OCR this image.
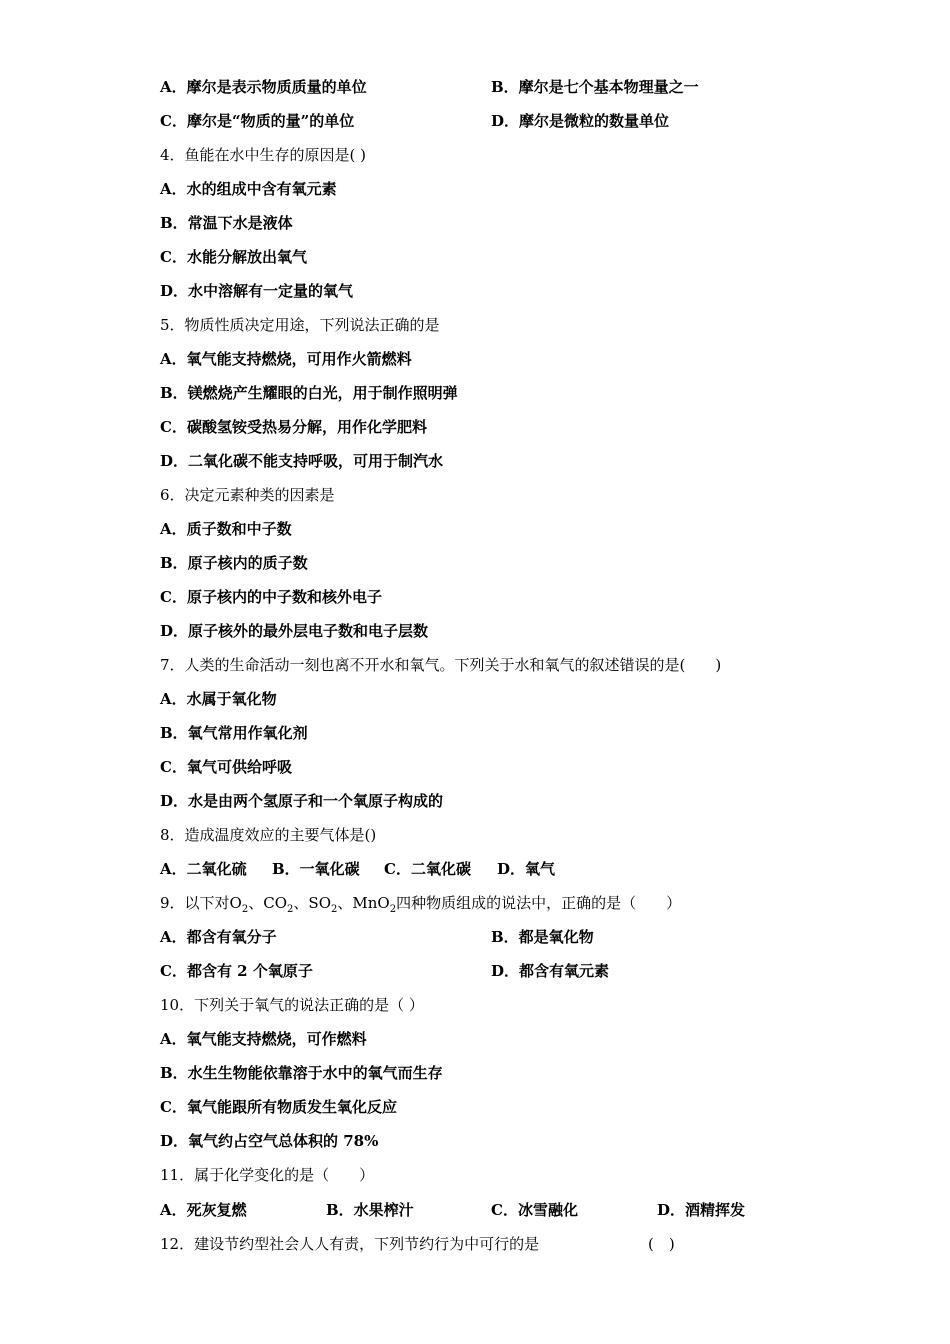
A．摩尔是表示物质质量的单位	B．摩尔是七个基本物理量之一
C．摩尔是“物质的量”的单位	D．摩尔是微粒的数量单位
4．鱼能在水中生存的原因是( )
A．水的组成中含有氧元素
B．常温下水是液体
C．水能分解放出氧气
D．水中溶解有一定量的氧气
5．物质性质决定用途，下列说法正确的是
A．氧气能支持燃烧，可用作火箭燃料
B．镁燃烧产生耀眼的白光，用于制作照明弹
C．碳酸氢铵受热易分解，用作化学肥料
D．二氧化碳不能支持呼吸，可用于制汽水
6．决定元素种类的因素是
A．质子数和中子数
B．原子核内的质子数
C．原子核内的中子数和核外电子
D．原子核外的最外层电子数和电子层数
7．人类的生命活动一刻也离不开水和氧气。下列关于水和氧气的叙述错误的是(　　)
A．水属于氧化物
B．氧气常用作氧化剂
C．氧气可供给呼吸
D．水是由两个氢原子和一个氧原子构成的
8．造成温度效应的主要气体是()
A．二氧化硫 B．一氧化碳 C．二氧化碳 D．氧气
9．以下对$O_2$、$CO_2$、$SO_2$、MnO$_2$四种物质组成的说法中，正确的是（　　）
A．都含有氧分子	B．都是氧化物
C．都含有 2 个氧原子	D．都含有氧元素
10．下列关于氧气的说法正确的是（ ）
A．氧气能支持燃烧，可作燃料
B．水生生物能依靠溶于水中的氧气而生存
C．氧气能跟所有物质发生氧化反应
D．氧气约占空气总体积的 78%
11．属于化学变化的是（　　）
A．死灰复燃	B．水果榨汁	C．冰雪融化	D．酒精挥发
12．建设节约型社会人人有责，下列节约行为中可行的是	(　)
